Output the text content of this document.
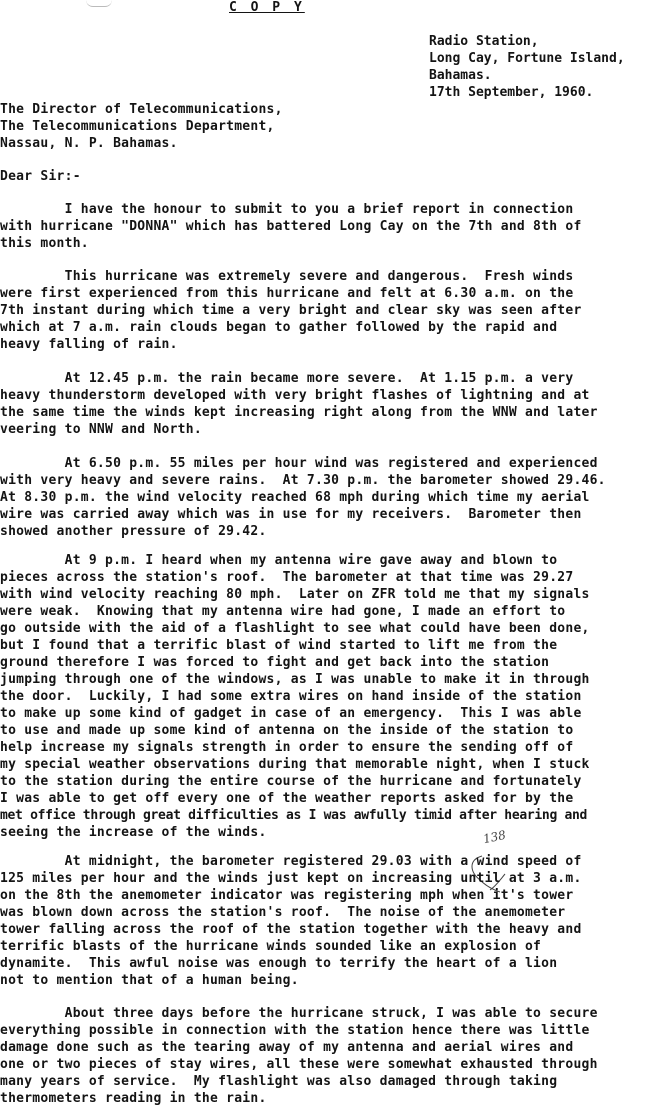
C O P Y
Radio Station,
Long Cay, Fortune Island,
Bahamas.
17th September, 1960.
The Director of Telecommunications,
The Telecommunications Department,
Nassau, N. P. Bahamas.
Dear Sir:-
I have the honour to submit to you a brief report in connection
with hurricane "DONNA" which has battered Long Cay on the 7th and 8th of
this month.
This hurricane was extremely severe and dangerous.  Fresh winds
were first experienced from this hurricane and felt at 6.30 a.m. on the
7th instant during which time a very bright and clear sky was seen after
which at 7 a.m. rain clouds began to gather followed by the rapid and
heavy falling of rain.
At 12.45 p.m. the rain became more severe.  At 1.15 p.m. a very
heavy thunderstorm developed with very bright flashes of lightning and at
the same time the winds kept increasing right along from the WNW and later
veering to NNW and North.
At 6.50 p.m. 55 miles per hour wind was registered and experienced
with very heavy and severe rains.  At 7.30 p.m. the barometer showed 29.46.
At 8.30 p.m. the wind velocity reached 68 mph during which time my aerial
wire was carried away which was in use for my receivers.  Barometer then
showed another pressure of 29.42.
At 9 p.m. I heard when my antenna wire gave away and blown to
pieces across the station's roof.  The barometer at that time was 29.27
with wind velocity reaching 80 mph.  Later on ZFR told me that my signals
were weak.  Knowing that my antenna wire had gone, I made an effort to
go outside with the aid of a flashlight to see what could have been done,
but I found that a terrific blast of wind started to lift me from the
ground therefore I was forced to fight and get back into the station
jumping through one of the windows, as I was unable to make it in through
the door.  Luckily, I had some extra wires on hand inside of the station
to make up some kind of gadget in case of an emergency.  This I was able
to use and made up some kind of antenna on the inside of the station to
help increase my signals strength in order to ensure the sending off of
my special weather observations during that memorable night, when I stuck
to the station during the entire course of the hurricane and fortunately
I was able to get off every one of the weather reports asked for by the
met office through great difficulties as I was awfully timid after hearing and
seeing the increase of the winds.	138
At midnight, the barometer registered 29.03 with a wind speed of
125 miles per hour and the winds just kept on increasing until at 3 a.m.
on the 8th the anemometer indicator was registering mph when it's tower
was blown down across the station's roof.  The noise of the anemometer
tower falling across the roof of the station together with the heavy and
terrific blasts of the hurricane winds sounded like an explosion of
dynamite.  This awful noise was enough to terrify the heart of a lion
not to mention that of a human being.
About three days before the hurricane struck, I was able to secure
everything possible in connection with the station hence there was little
damage done such as the tearing away of my antenna and aerial wires and
one or two pieces of stay wires, all these were somewhat exhausted through
many years of service.  My flashlight was also damaged through taking
thermometers reading in the rain.
